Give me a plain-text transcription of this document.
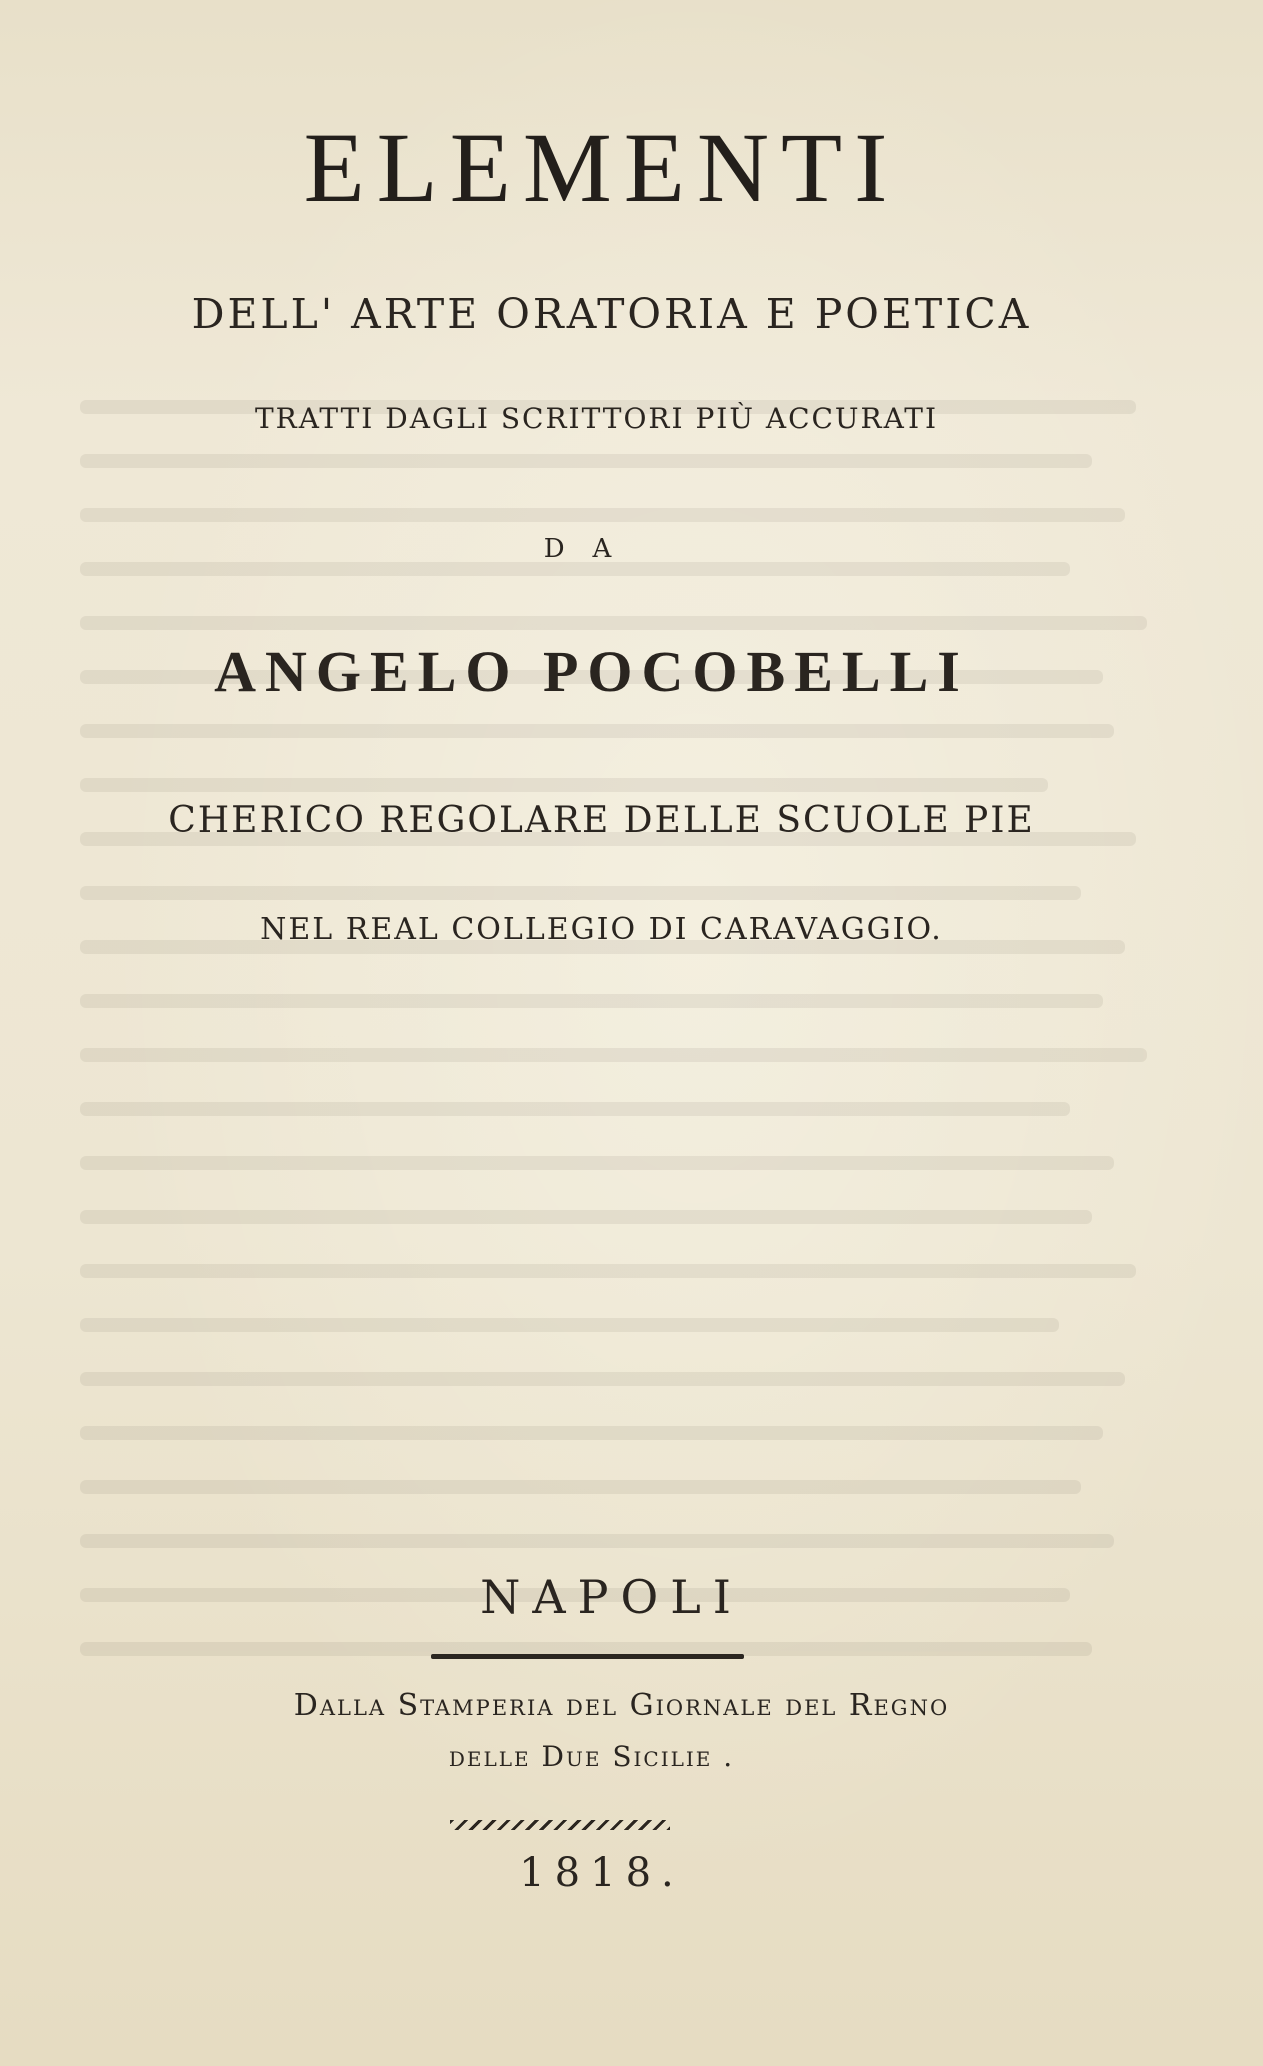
ELEMENTI
DELL' ARTE ORATORIA E POETICA
TRATTI DAGLI SCRITTORI PIÙ ACCURATI
DA
ANGELO POCOBELLI
CHERICO REGOLARE DELLE SCUOLE PIE
NEL REAL COLLEGIO DI CARAVAGGIO.
NAPOLI
Dalla Stamperia del Giornale del Regno
delle Due Sicilie .
1818.
